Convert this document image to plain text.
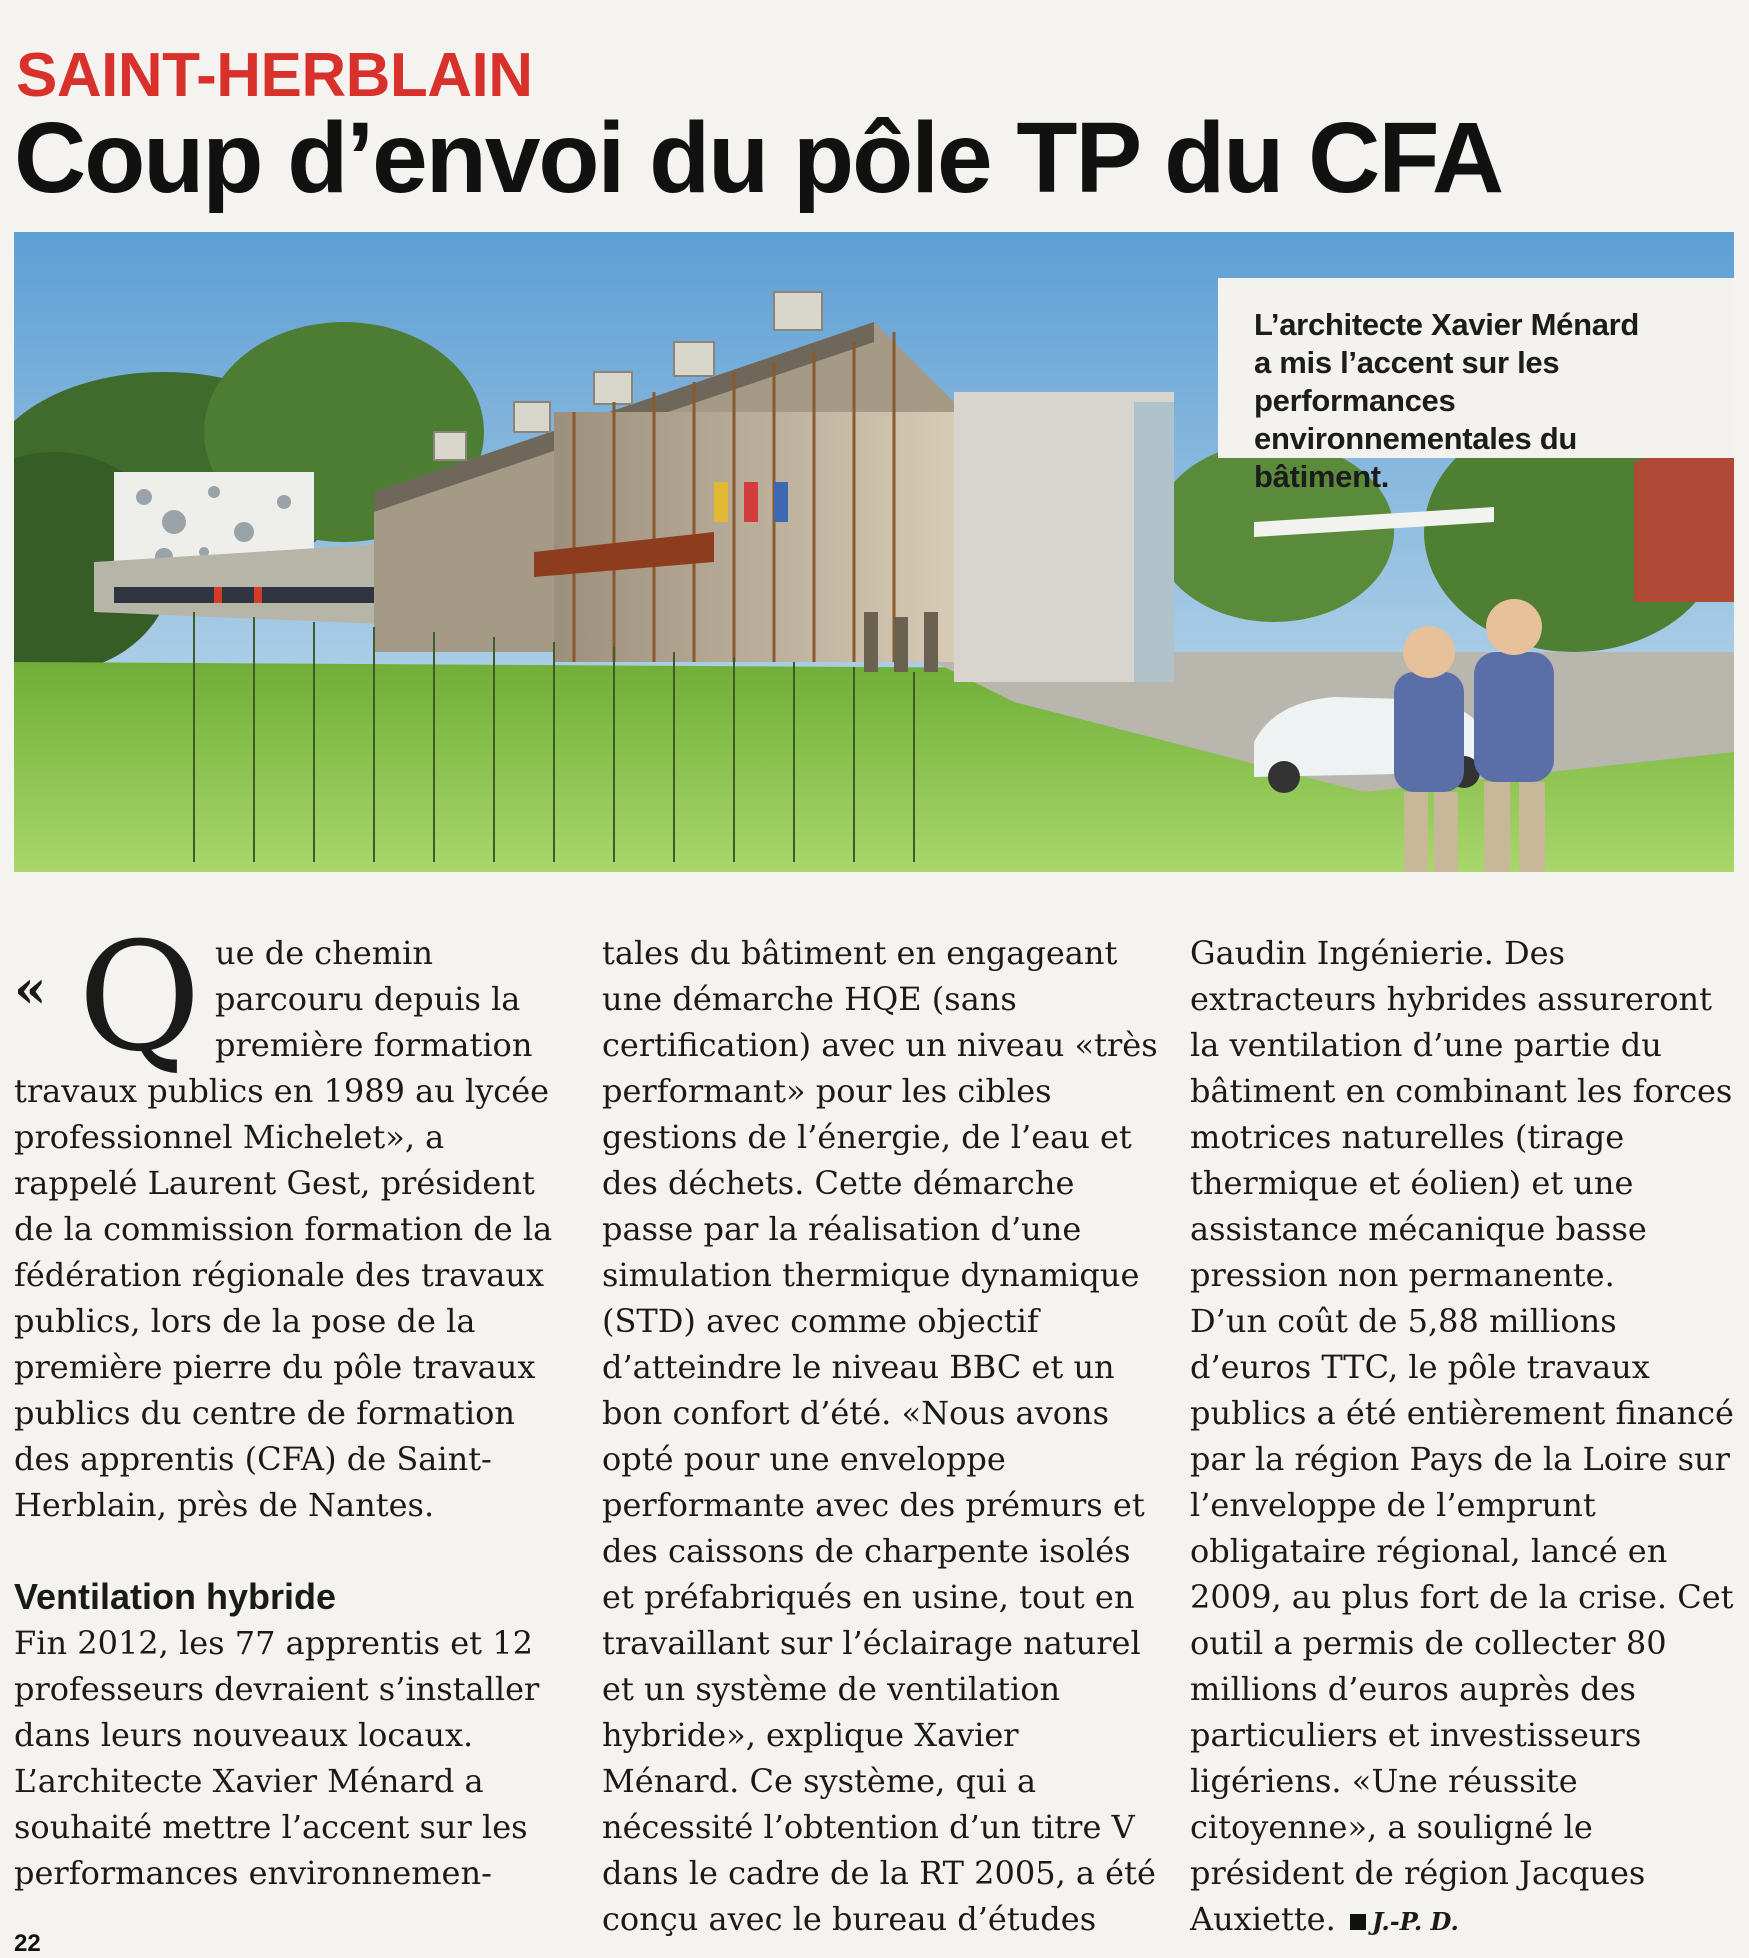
SAINT-HERBLAIN
Coup d’envoi du pôle TP du CFA

L’architecte Xavier Ménard

a mis l’accent sur les performances

environnementales du bâtiment.

« Q ue de chemin parcouru depuis la première formation travaux publics en 1989 au lycée professionnel Michelet», a rappelé Laurent Gest, président de la commission formation de la fédération régionale des travaux publics, lors de la pose de la première pierre du pôle travaux publics du centre de formation des apprentis (CFA) de Saint-Herblain, près de Nantes.

Ventilation hybride

Fin 2012, les 77 apprentis et 12 professeurs devraient s’installer dans leurs nouveaux locaux. L’architecte Xavier Ménard a souhaité mettre l’accent sur les performances environnemen-

tales du bâtiment en engageant une démarche HQE (sans certification) avec un niveau «très performant» pour les cibles gestions de l’énergie, de l’eau et des déchets. Cette démarche passe par la réalisation d’une simulation thermique dynamique (STD) avec comme objectif d’atteindre le niveau BBC et un bon confort d’été. «Nous avons opté pour une enveloppe performante avec des prémurs et des caissons de charpente isolés et préfabriqués en usine, tout en travaillant sur l’éclairage naturel et un système de ventilation hybride», explique Xavier Ménard. Ce système, qui a nécessité l’obtention d’un titre V dans le cadre de la RT 2005, a été conçu avec le bureau d’études

Gaudin Ingénierie. Des extracteurs hybrides assureront la ventilation d’une partie du bâtiment en combinant les forces motrices naturelles (tirage thermique et éolien) et une assistance mécanique basse pression non permanente.

D’un coût de 5,88 millions d’euros TTC, le pôle travaux publics a été entièrement financé par la région Pays de la Loire sur l’enveloppe de l’emprunt obligataire régional, lancé en 2009, au plus fort de la crise. Cet outil a permis de collecter 80 millions d’euros auprès des particuliers et investisseurs ligériens. «Une réussite citoyenne», a souligné le président de région Jacques Auxiette. J.-P. D.

22
